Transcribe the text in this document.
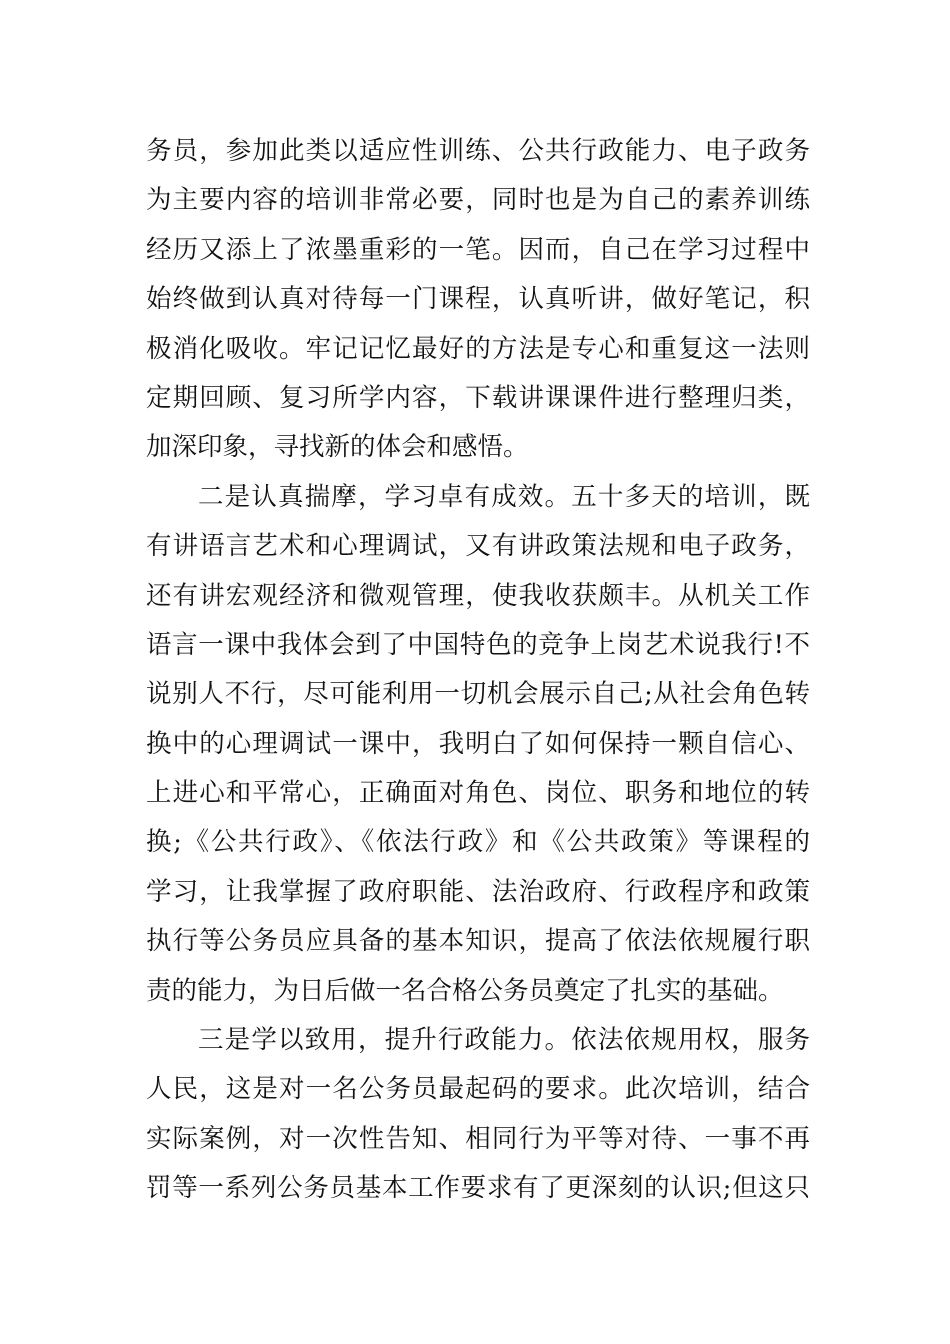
务员，参加此类以适应性训练、公共行政能力、电子政务
为主要内容的培训非常必要，同时也是为自己的素养训练
经历又添上了浓墨重彩的一笔。因而，自己在学习过程中
始终做到认真对待每一门课程，认真听讲，做好笔记，积
极消化吸收。牢记记忆最好的方法是专心和重复这一法则
定期回顾、复习所学内容，下载讲课课件进行整理归类，
加深印象，寻找新的体会和感悟。
二是认真揣摩，学习卓有成效。五十多天的培训，既
有讲语言艺术和心理调试，又有讲政策法规和电子政务，
还有讲宏观经济和微观管理，使我收获颇丰。从机关工作
语言一课中我体会到了中国特色的竞争上岗艺术说我行!不
说别人不行，尽可能利用一切机会展示自己;从社会角色转
换中的心理调试一课中，我明白了如何保持一颗自信心、
上进心和平常心，正确面对角色、岗位、职务和地位的转
换;《公共行政》、《依法行政》和《公共政策》等课程的
学习，让我掌握了政府职能、法治政府、行政程序和政策
执行等公务员应具备的基本知识，提高了依法依规履行职
责的能力，为日后做一名合格公务员奠定了扎实的基础。
三是学以致用，提升行政能力。依法依规用权，服务
人民，这是对一名公务员最起码的要求。此次培训，结合
实际案例，对一次性告知、相同行为平等对待、一事不再
罚等一系列公务员基本工作要求有了更深刻的认识;但这只
